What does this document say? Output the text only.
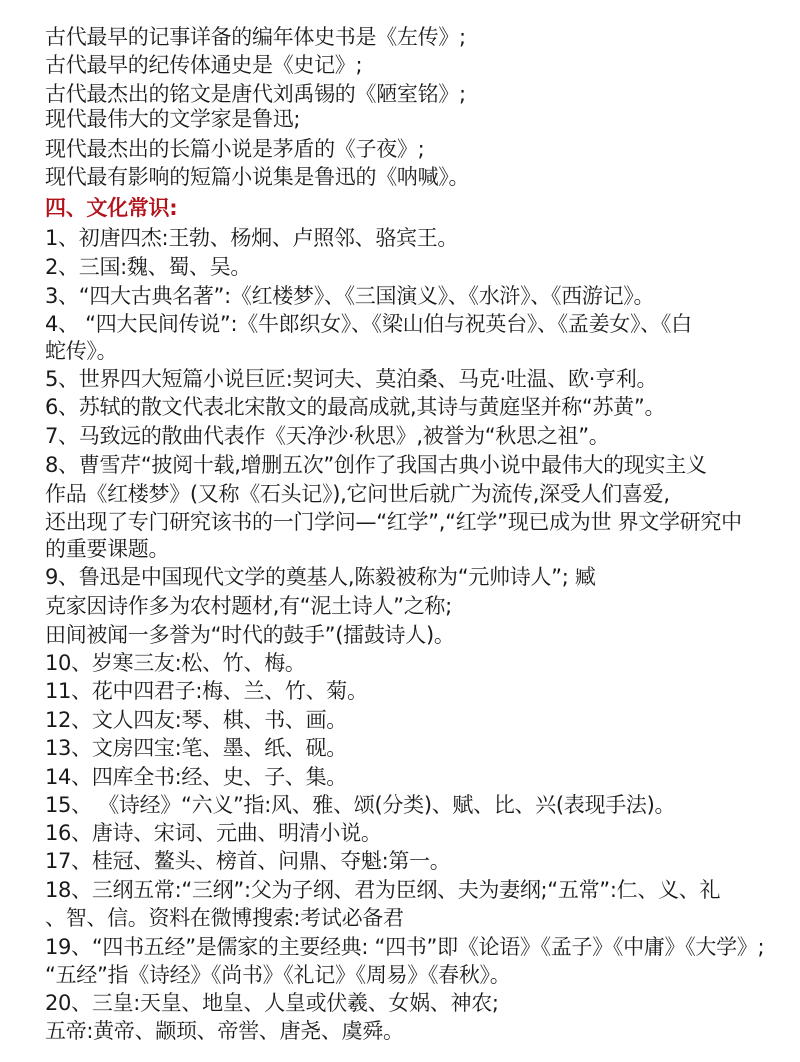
古代最早的记事详备的编年体史书是《左传》;
古代最早的纪传体通史是《史记》;
古代最杰出的铭文是唐代刘禹锡的《陋室铭》;
现代最伟大的文学家是鲁迅;
现代最杰出的长篇小说是茅盾的《子夜》;
现代最有影响的短篇小说集是鲁迅的《呐喊》。
四、文化常识:
1、初唐四杰:王勃、杨炯、卢照邻、骆宾王。
2、三国:魏、蜀、吴。
3、“四大古典名著”:《红楼梦》、《三国演义》、《水浒》、《西游记》。
4、 “四大民间传说”:《牛郎织女》、《梁山伯与祝英台》、《孟姜女》、《白
蛇传》。
5、世界四大短篇小说巨匠:契诃夫、莫泊桑、马克·吐温、欧·亨利。
6、苏轼的散文代表北宋散文的最高成就,其诗与黄庭坚并称“苏黄”。
7、马致远的散曲代表作《天净沙·秋思》,被誉为“秋思之祖”。
8、曹雪芹“披阅十载,增删五次”创作了我国古典小说中最伟大的现实主义
作品《红楼梦》(又称《石头记》),它问世后就广为流传,深受人们喜爱,
还出现了专门研究该书的一门学问—“红学”,“红学”现已成为世 界文学研究中
的重要课题。
9、鲁迅是中国现代文学的奠基人,陈毅被称为“元帅诗人”; 臧
克家因诗作多为农村题材,有“泥土诗人”之称;
田间被闻一多誉为“时代的鼓手”(擂鼓诗人)。
10、岁寒三友:松、竹、梅。
11、花中四君子:梅、兰、竹、菊。
12、文人四友:琴、棋、书、画。
13、文房四宝:笔、墨、纸、砚。
14、四库全书:经、史、子、集。
15、 《诗经》“六义”指:风、雅、颂(分类)、赋、比、兴(表现手法)。
16、唐诗、宋词、元曲、明清小说。
17、桂冠、鳌头、榜首、问鼎、夺魁:第一。
18、三纲五常:“三纲”:父为子纲、君为臣纲、夫为妻纲;“五常”:仁、义、礼
、智、信。资料在微博搜索:考试必备君
19、“四书五经”是儒家的主要经典: “四书”即《论语》《孟子》《中庸》《大学》;
“五经”指《诗经》《尚书》《礼记》《周易》《春秋》。
20、三皇:天皇、地皇、人皇或伏羲、女娲、神农;
五帝:黄帝、颛顼、帝喾、唐尧、虞舜。
